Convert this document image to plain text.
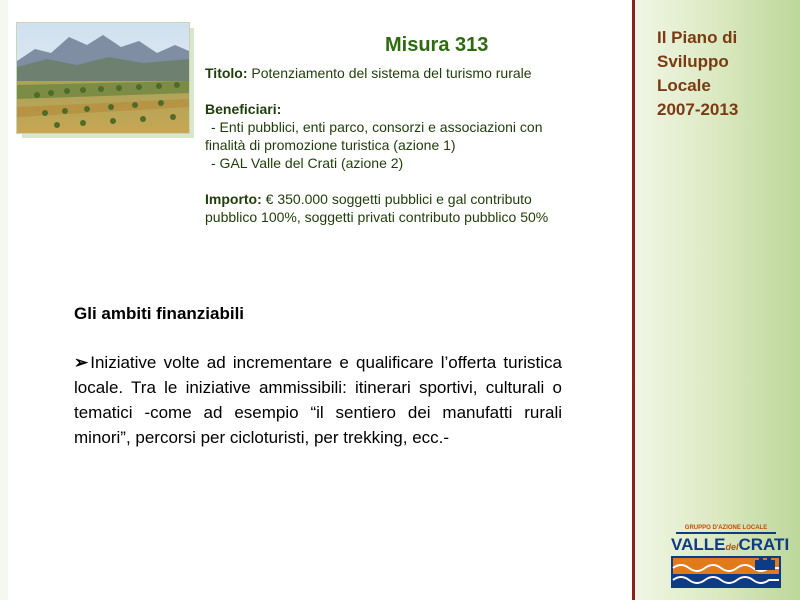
Misura 313
Titolo: Potenziamento del sistema del turismo rurale
Beneficiari:
- Enti pubblici, enti parco, consorzi e associazioni con
finalità di promozione turistica (azione 1)
- GAL Valle del Crati (azione 2)
Importo: € 350.000 soggetti pubblici e gal contributo
pubblico 100%, soggetti privati contributo pubblico 50%
Gli ambiti finanziabili
➢ Iniziative volte ad incrementare e qualificare l’offerta turistica locale. Tra le iniziative ammissibili: itinerari sportivi, culturali o tematici -come ad esempio “il sentiero dei manufatti rurali minori”, percorsi per cicloturisti, per trekking, ecc.-
Il Piano di
Sviluppo
Locale
2007-2013
GRUPPO D'AZIONE LOCALE
VALLEdelCRATI
